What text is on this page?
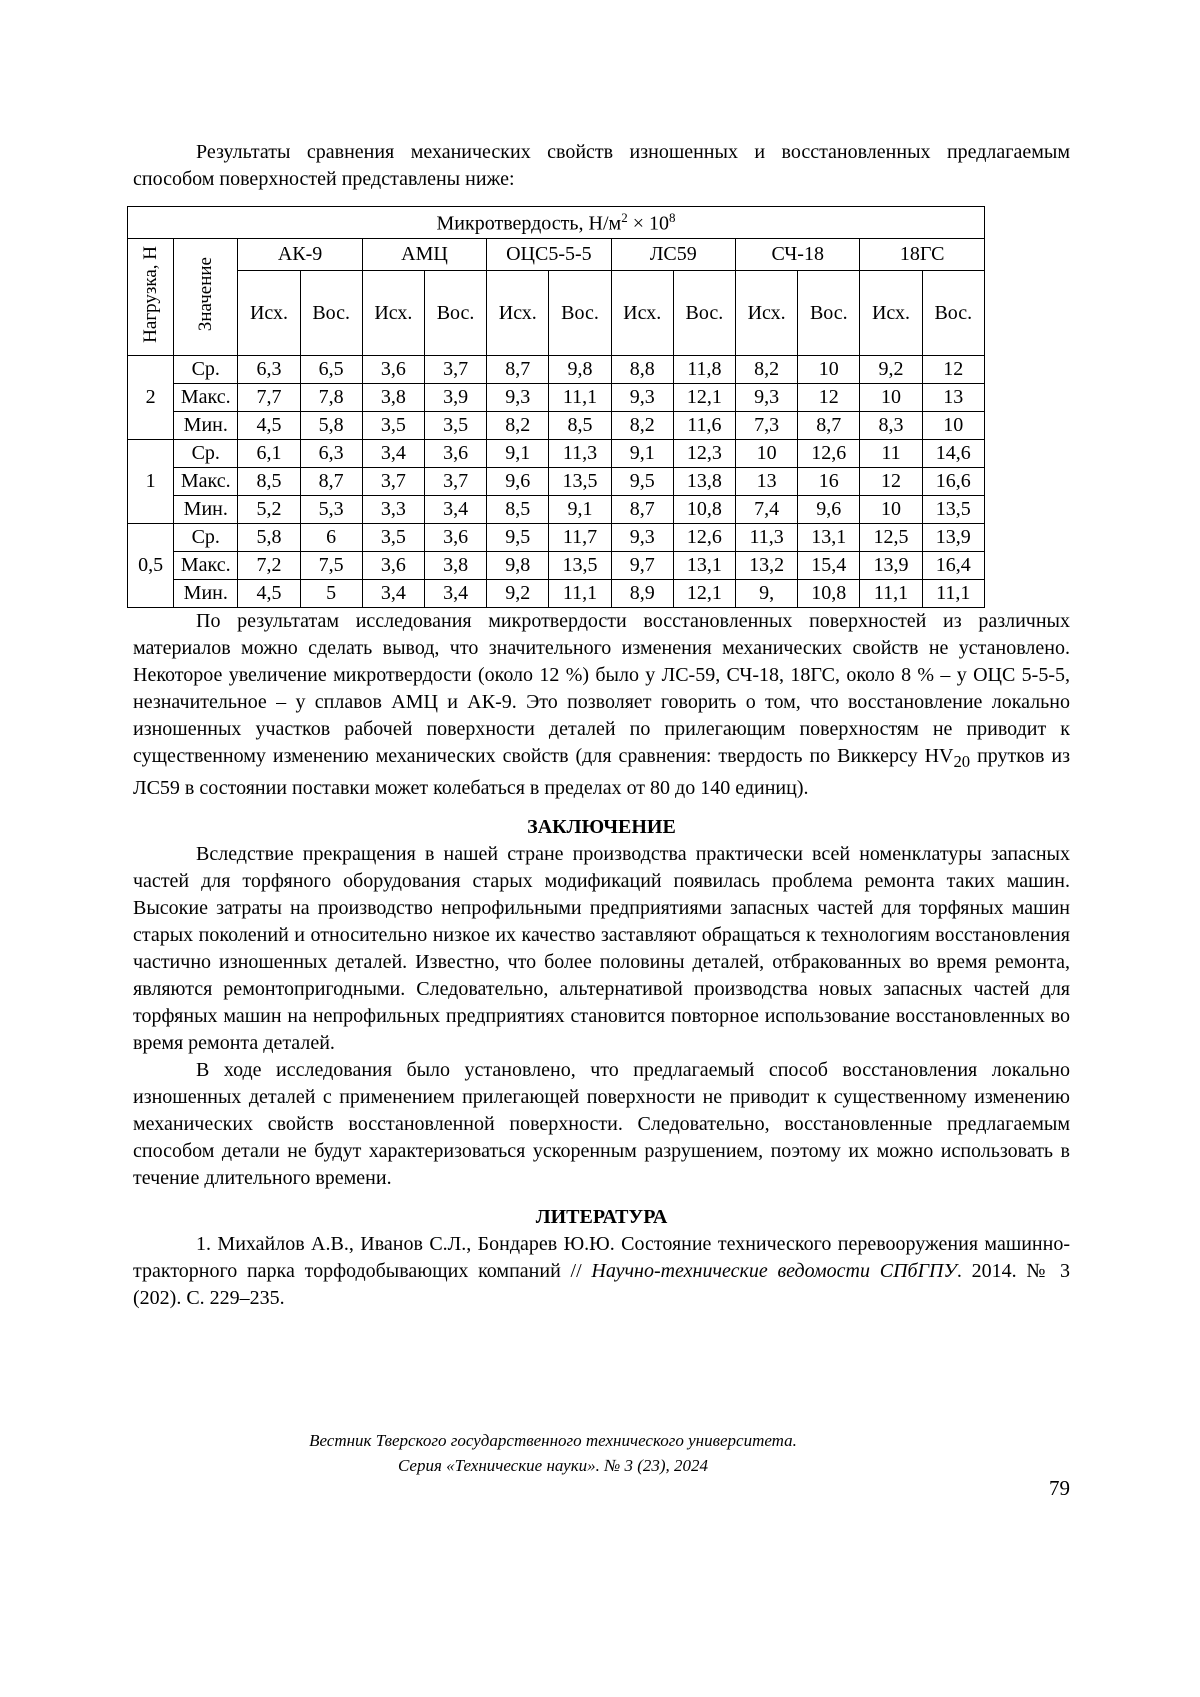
Результаты сравнения механических свойств изношенных и восстановленных предлагаемым способом поверхностей представлены ниже:

Микротвердость, $Н/м^2 \times 10^8$
Нагрузка, Н	Значение	АК-9		АМЦ		ОЦС5-5-5		ЛС59		СЧ-18		18ГС	
		Исх.	Вос.	Исх.	Вос.	Исх.	Вос.	Исх.	Вос.	Исх.	Вос.	Исх.	Вос.
2	Ср.	6,3	6,5	3,6	3,7	8,7	9,8	8,8	11,8	8,2	10	9,2	12
	Макс.	7,7	7,8	3,8	3,9	9,3	11,1	9,3	12,1	9,3	12	10	13
	Мин.	4,5	5,8	3,5	3,5	8,2	8,5	8,2	11,6	7,3	8,7	8,3	10
1	Ср.	6,1	6,3	3,4	3,6	9,1	11,3	9,1	12,3	10	12,6	11	14,6
	Макс.	8,5	8,7	3,7	3,7	9,6	13,5	9,5	13,8	13	16	12	16,6
	Мин.	5,2	5,3	3,3	3,4	8,5	9,1	8,7	10,8	7,4	9,6	10	13,5
0,5	Ср.	5,8	6	3,5	3,6	9,5	11,7	9,3	12,6	11,3	13,1	12,5	13,9
	Макс.	7,2	7,5	3,6	3,8	9,8	13,5	9,7	13,1	13,2	15,4	13,9	16,4
	Мин.	4,5	5	3,4	3,4	9,2	11,1	8,9	12,1	9,	10,8	11,1	11,1

По результатам исследования микротвердости восстановленных поверхностей из различных материалов можно сделать вывод, что значительного изменения механических свойств не установлено. Некоторое увеличение микротвердости (около 12 %) было у ЛС-59, СЧ-18, 18ГС, около 8 % – у ОЦС 5-5-5, незначительное – у сплавов АМЦ и АК-9. Это позволяет говорить о том, что восстановление локально изношенных участков рабочей поверхности деталей по прилегающим поверхностям не приводит к существенному изменению механических свойств (для сравнения: твердость по Виккерсу $HV_{20}$ прутков из ЛС59 в состоянии поставки может колебаться в пределах от 80 до 140 единиц).

ЗАКЛЮЧЕНИЕ

Вследствие прекращения в нашей стране производства практически всей номенклатуры запасных частей для торфяного оборудования старых модификаций появилась проблема ремонта таких машин. Высокие затраты на производство непрофильными предприятиями запасных частей для торфяных машин старых поколений и относительно низкое их качество заставляют обращаться к технологиям восстановления частично изношенных деталей. Известно, что более половины деталей, отбракованных во время ремонта, являются ремонтопригодными. Следовательно, альтернативой производства новых запасных частей для торфяных машин на непрофильных предприятиях становится повторное использование восстановленных во время ремонта деталей.

В ходе исследования было установлено, что предлагаемый способ восстановления локально изношенных деталей с применением прилегающей поверхности не приводит к существенному изменению механических свойств восстановленной поверхности. Следовательно, восстановленные предлагаемым способом детали не будут характеризоваться ускоренным разрушением, поэтому их можно использовать в течение длительного времени.

ЛИТЕРАТУРА

1. Михайлов А.В., Иванов С.Л., Бондарев Ю.Ю. Состояние технического перевооружения машинно-тракторного парка торфодобывающих компаний // Научно-технические ведомости СПбГПУ. 2014. № 3 (202). С. 229–235.

Вестник Тверского государственного технического университета.
Серия «Технические науки». № 3 (23), 2024
79
